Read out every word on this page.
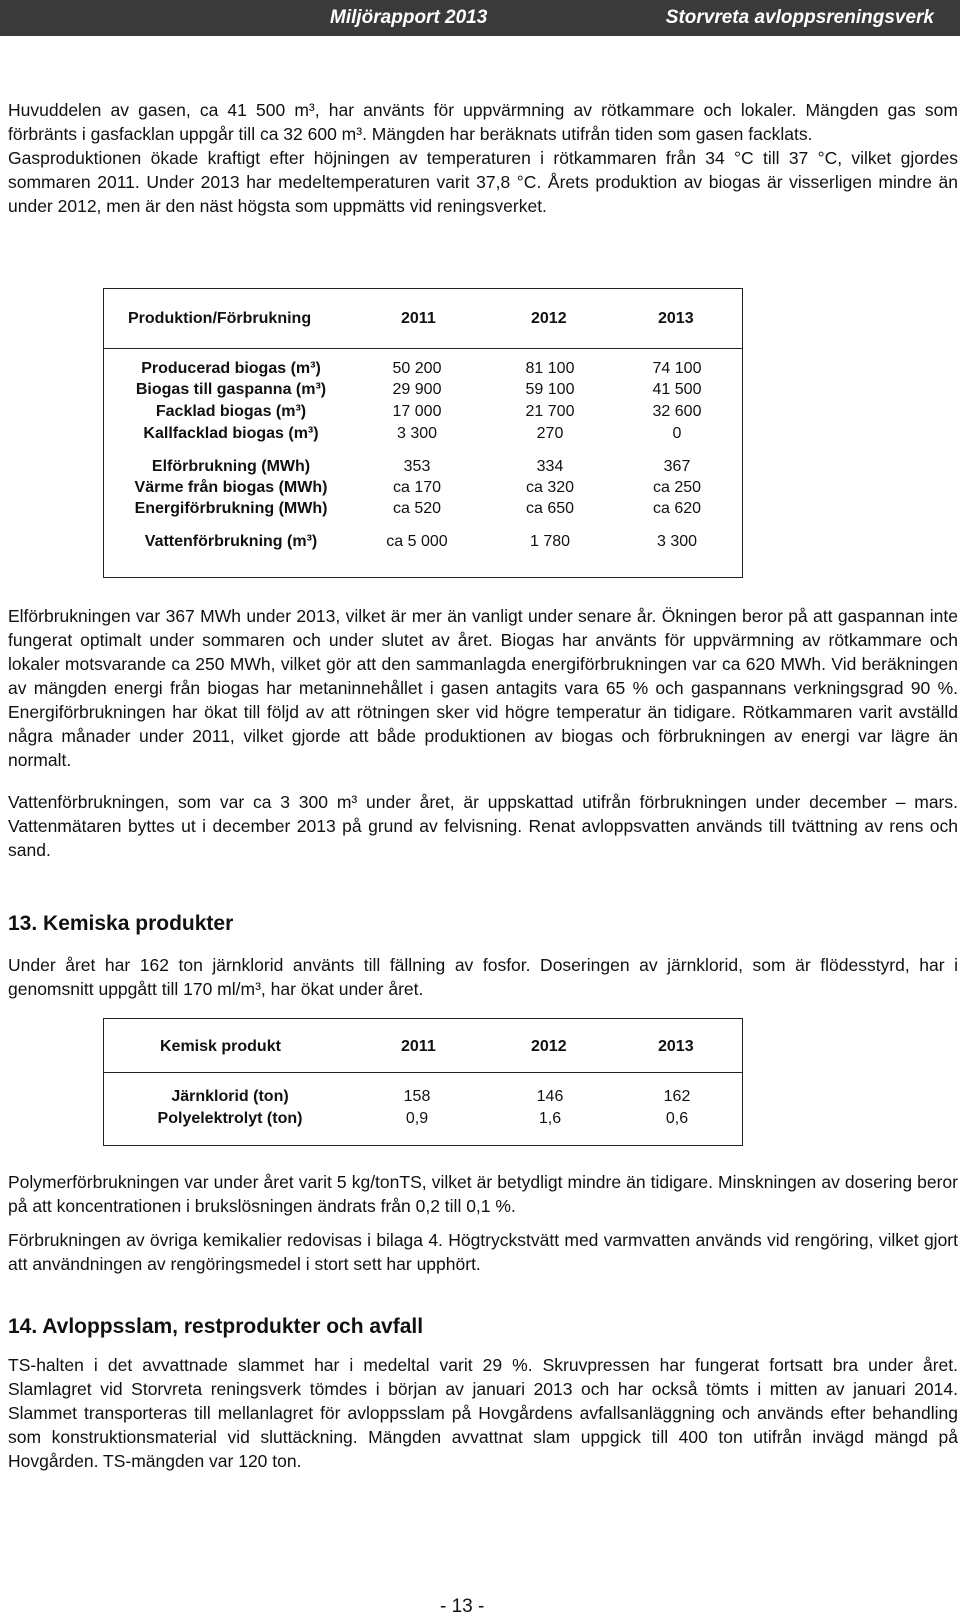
Miljörapport 2013	Storvreta avloppsreningsverk

Huvuddelen av gasen, ca 41 500 m³, har använts för uppvärmning av rötkammare och lokaler. Mängden gas som förbränts i gasfacklan uppgår till ca 32 600 m³. Mängden har beräknats utifrån tiden som gasen facklats.

Gasproduktionen ökade kraftigt efter höjningen av temperaturen i rötkammaren från 34 °C till 37 °C, vilket gjordes sommaren 2011. Under 2013 har medeltemperaturen varit 37,8 °C. Årets produktion av biogas är visserligen mindre än under 2012, men är den näst högsta som uppmätts vid reningsverket.

Produktion/Förbrukning	2011	2012	2013
Producerad biogas (m³)	50 200	81 100	74 100
Biogas till gaspanna (m³)	29 900	59 100	41 500
Facklad biogas (m³)	17 000	21 700	32 600
Kallfacklad biogas (m³)	3 300	270	0
Elförbrukning (MWh)	353	334	367
Värme från biogas (MWh)	ca 170	ca 320	ca 250
Energiförbrukning (MWh)	ca 520	ca 650	ca 620
Vattenförbrukning (m³)	ca 5 000	1 780	3 300
Kemisk produkt	2011	2012	2013
Järnklorid (ton)	158	146	162
Polyelektrolyt (ton)	0,9	1,6	0,6

Elförbrukningen var 367 MWh under 2013, vilket är mer än vanligt under senare år. Ökningen beror på att gaspannan inte fungerat optimalt under sommaren och under slutet av året. Biogas har använts för uppvärmning av rötkammare och lokaler motsvarande ca 250 MWh, vilket gör att den sammanlagda energiförbrukningen var ca 620 MWh. Vid beräkningen av mängden energi från biogas har metaninnehållet i gasen antagits vara 65 % och gaspannans verkningsgrad 90 %. Energiförbrukningen har ökat till följd av att rötningen sker vid högre temperatur än tidigare. Rötkammaren varit avställd några månader under 2011, vilket gjorde att både produktionen av biogas och förbrukningen av energi var lägre än normalt.

Vattenförbrukningen, som var ca 3 300 m³ under året, är uppskattad utifrån förbrukningen under december – mars. Vattenmätaren byttes ut i december 2013 på grund av felvisning. Renat avloppsvatten används till tvättning av rens och sand.

13. Kemiska produkter

Under året har 162 ton järnklorid använts till fällning av fosfor. Doseringen av järnklorid, som är flödesstyrd, har i genomsnitt uppgått till 170 ml/m³, har ökat under året.

Polymerförbrukningen var under året varit 5 kg/tonTS, vilket är betydligt mindre än tidigare. Minskningen av dosering beror på att koncentrationen i brukslösningen ändrats från 0,2 till 0,1 %.

Förbrukningen av övriga kemikalier redovisas i bilaga 4. Högtryckstvätt med varmvatten används vid rengöring, vilket gjort att användningen av rengöringsmedel i stort sett har upphört.

14. Avloppsslam, restprodukter och avfall

TS-halten i det avvattnade slammet har i medeltal varit 29 %. Skruvpressen har fungerat fortsatt bra under året. Slamlagret vid Storvreta reningsverk tömdes i början av januari 2013 och har också tömts i mitten av januari 2014. Slammet transporteras till mellanlagret för avloppsslam på Hovgårdens avfallsanläggning och används efter behandling som konstruktionsmaterial vid sluttäckning. Mängden avvattnat slam uppgick till 400 ton utifrån invägd mängd på Hovgården. TS-mängden var 120 ton.

- 13 -
